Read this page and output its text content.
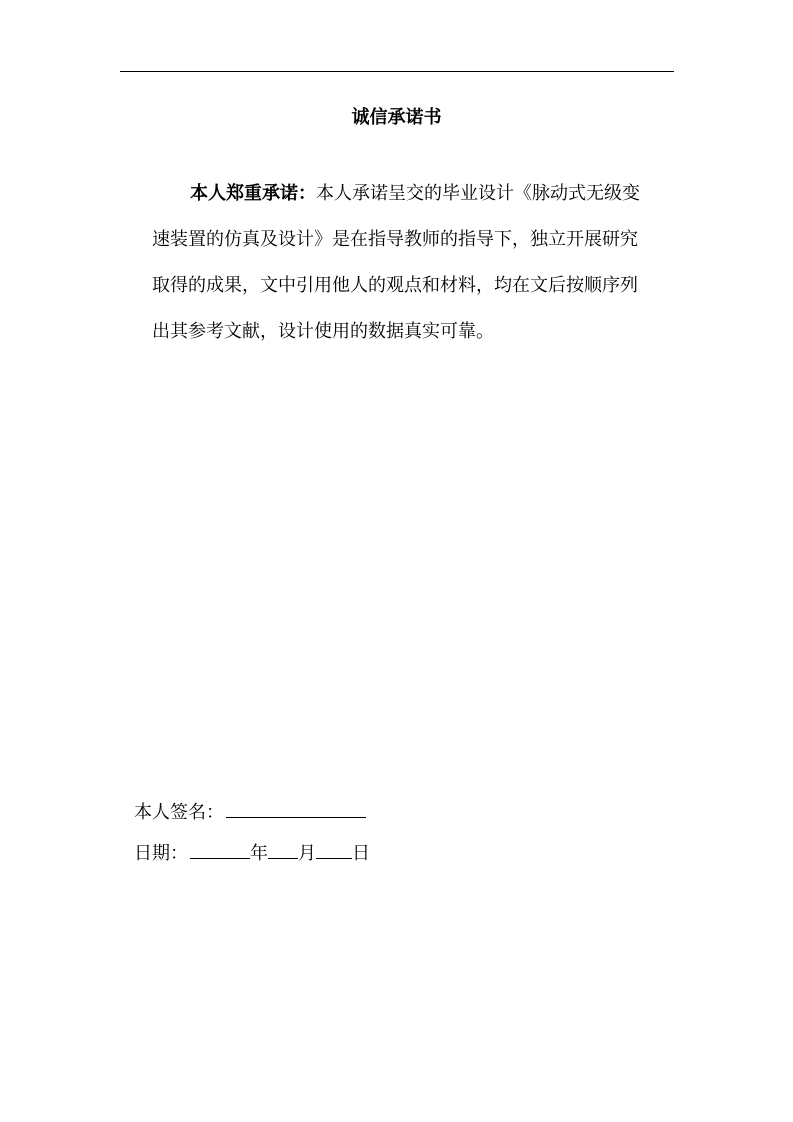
诚信承诺书

本人郑重承诺：本人承诺呈交的毕业设计《脉动式无级变速装置的仿真及设计》是在指导教师的指导下，独立开展研究取得的成果，文中引用他人的观点和材料，均在文后按顺序列出其参考文献，设计使用的数据真实可靠。

本人签名：
日期：	年 月 日
